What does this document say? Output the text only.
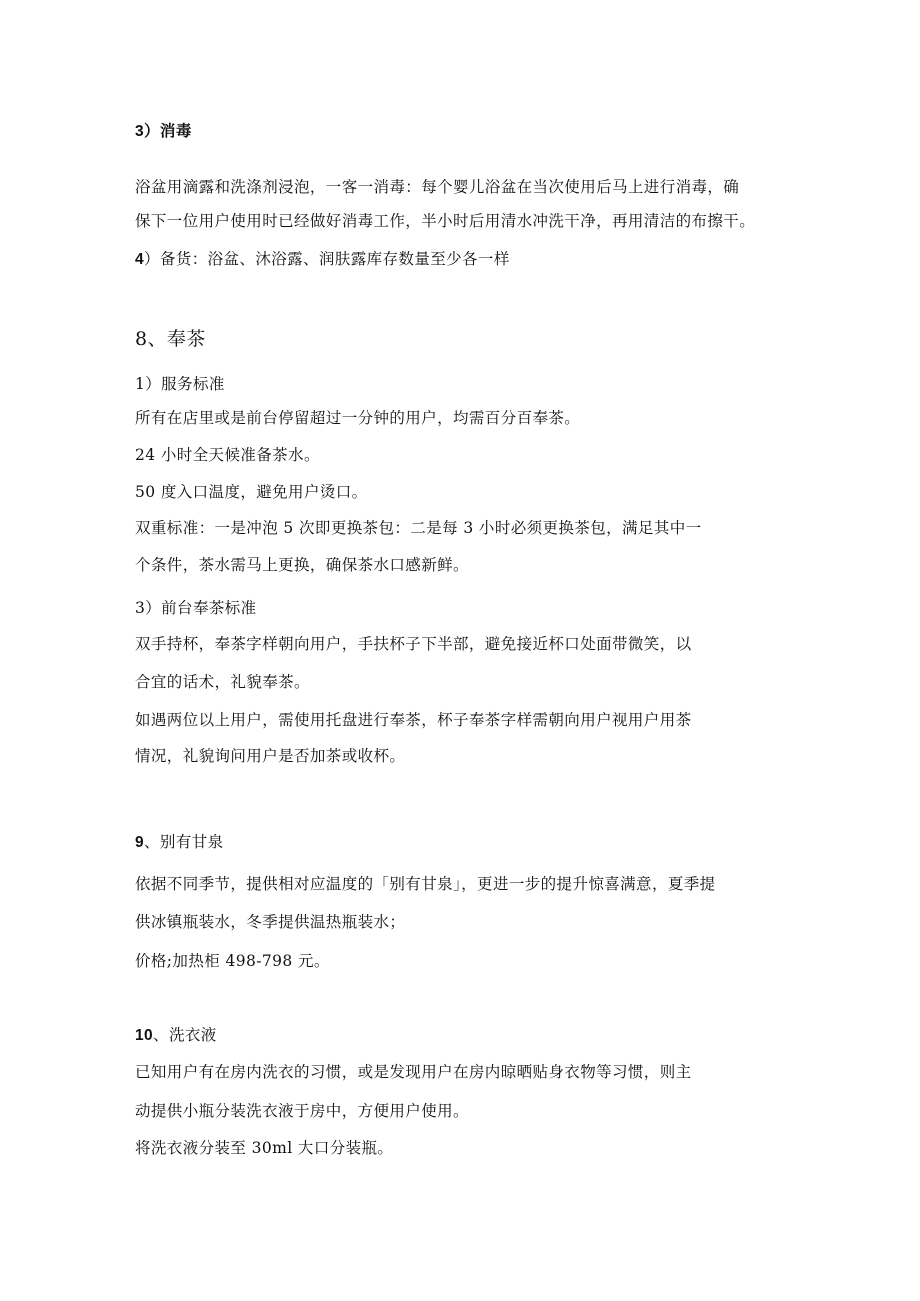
3）消毒
浴盆用滴露和洗涤剂浸泡，一客一消毒：每个婴儿浴盆在当次使用后马上进行消毒，确
保下一位用户使用时已经做好消毒工作，半小时后用清水冲洗干净，再用清洁的布擦干。
4）备货：浴盆、沐浴露、润肤露库存数量至少各一样
8、奉茶
1）服务标准
所有在店里或是前台停留超过一分钟的用户，均需百分百奉茶。
24 小时全天候准备茶水。
50 度入口温度，避免用户烫口。
双重标准：一是冲泡 5 次即更换茶包：二是每 3 小时必须更换茶包，满足其中一
个条件，茶水需马上更换，确保茶水口感新鲜。
3）前台奉茶标准
双手持杯，奉茶字样朝向用户，手扶杯子下半部，避免接近杯口处面带微笑，以
合宜的话术，礼貌奉茶。
如遇两位以上用户，需使用托盘进行奉茶，杯子奉茶字样需朝向用户视用户用茶
情况，礼貌询问用户是否加茶或收杯。
9、别有甘泉
依据不同季节，提供相对应温度的「别有甘泉」，更进一步的提升惊喜满意，夏季提
供冰镇瓶装水，冬季提供温热瓶装水；
价格;加热柜 498-798 元。
10、洗衣液
已知用户有在房内洗衣的习惯，或是发现用户在房内晾晒贴身衣物等习惯，则主
动提供小瓶分装洗衣液于房中，方便用户使用。
将洗衣液分装至 30ml 大口分装瓶。
